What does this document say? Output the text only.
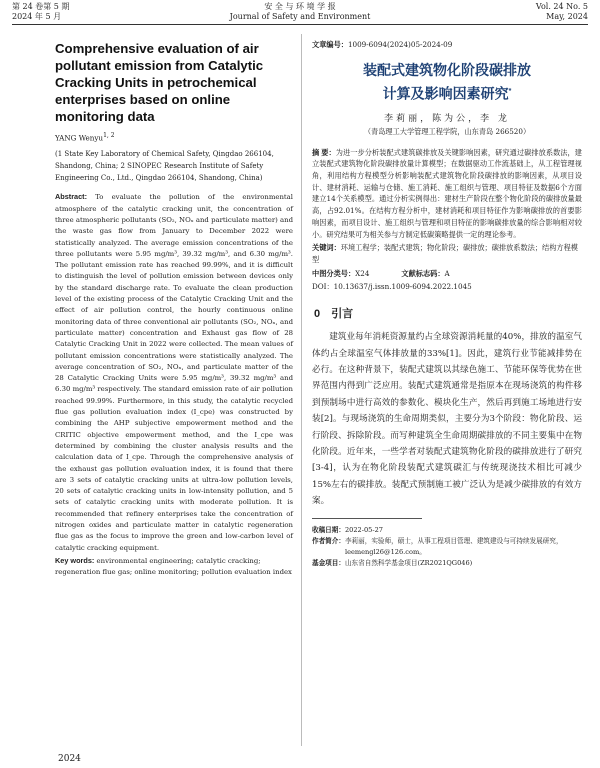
第 24 卷第 5 期
2024 年 5 月
安 全 与 环 境 学 报
Journal of Safety and Environment
Vol. 24 No. 5
May, 2024
Comprehensive evaluation of air pollutant emission from Catalytic Cracking Units in petrochemical enterprises based on online monitoring data
YANG Wenyu$^{1, 2}$
(1 State Key Laboratory of Chemical Safety, Qingdao 266104, Shandong, China; 2 SINOPEC Research Institute of Safety Engineering Co., Ltd., Qingdao 266104, Shandong, China)
Abstract: To evaluate the pollution of the environmental atmosphere of the catalytic cracking unit, the concentration of three atmospheric pollutants (SO₂, NOₓ and particulate matter) and the waste gas flow from January to December 2022 were statistically analyzed. The average emission concentrations of the three pollutants were 5.95 mg/m³, 39.32 mg/m³, and 6.30 mg/m³. The pollutant emission rate has reached 99.99%, and it is difficult to distinguish the level of pollution emission between devices only by the standard discharge rate. To evaluate the clean production level of the existing process of the Catalytic Cracking Unit and the effect of air pollution control, the hourly continuous online monitoring data of three conventional air pollutants (SO₂, NOₓ, and particulate matter) concentration and Exhaust gas flow of 28 Catalytic Cracking Unit in 2022 were collected. The mean values of pollutant emission concentrations were statistically analyzed. The average concentration of SO₂, NOₓ, and particulate matter of the 28 Catalytic Cracking Units were 5.95 mg/m³, 39.32 mg/m³ and 6.30 mg/m³ respectively. The standard emission rate of air pollution reached 99.99%. Furthermore, in this study, the catalytic recycled flue gas pollution evaluation index (I_cpe) was constructed by combining the AHP subjective empowerment method and the CRITIC objective empowerment method, and the I_cpe was determined by combining the cluster analysis results and the calculation data of I_cpe. Through the comprehensive analysis of the exhaust gas pollution evaluation index, it is found that there are 3 sets of catalytic cracking units at ultra-low pollution levels, 20 sets of catalytic cracking units in low-intensity pollution, and 5 sets of catalytic cracking units with moderate pollution. It is recommended that refinery enterprises take the concentration of nitrogen oxides and particulate matter in catalytic regeneration flue gas as the focus to improve the green and low-carbon level of catalytic cracking equipment.
Key words: environmental engineering; catalytic cracking; regeneration flue gas; online monitoring; pollution evaluation index
2024
文章编号：1009-6094(2024)05-2024-09
装配式建筑物化阶段碳排放
计算及影响因素研究*
李莉丽，陈为公，李 龙
（青岛理工大学管理工程学院，山东青岛 266520）
摘 要：为进一步分析装配式建筑碳排放及关键影响因素，研究通过碳排放系数法，建立装配式建筑物化阶段碳排放量计算模型；在数据驱动工作流基础上，从工程管理视角，利用结构方程模型分析影响装配式建筑物化阶段碳排放的影响因素，从项目设计、建材消耗、运输与仓储、施工消耗、施工组织与管理、项目特征及数据6个方面建立14个关系模型。通过分析实例得出：建材生产阶段在整个物化阶段的碳排放量最高，占92.01%。在结构方程分析中，建材消耗和项目特征作为影响碳排放的首要影响因素，而项目设计、施工组织与管理和项目特征的影响碳排放量的综合影响相对较小。研究结果可为相关参与方制定低碳策略提供一定的理论参考。
关键词：环境工程学；装配式建筑；物化阶段；碳排放；碳排放系数法；结构方程模型
中图分类号：X24	文献标志码：A
DOI：10.13637/j.issn.1009-6094.2022.1045
0 引言

建筑业每年消耗资源量约占全球资源消耗量的40%，排放的温室气体约占全球温室气体排放量的33%[1]。因此，建筑行业节能减排势在必行。在这种背景下，装配式建筑以其绿色施工、节能环保等优势在世界范围内得到广泛应用。装配式建筑通常是指原本在现场浇筑的构件移到预制场中进行高效的参数化、模块化生产，然后再到施工场地进行安装[2]。与现场浇筑的生命周期类似，主要分为3个阶段：物化阶段、运行阶段、拆除阶段。而写种建筑全生命周期碳排放的不同主要集中在物化阶段。近年来，一些学者对装配式建筑物化阶段的碳排放进行了研究[3-4]，认为在物化阶段装配式建筑碳汇与传统现浇技术相比可减少15%左右的碳排放。装配式预制施工被广泛认为是减少碳排放的有效方案。

收稿日期： 2022-05-27
作者简介： 李莉丽，实验师，硕士，从事工程项目管理、建筑建设与可持续发展研究，leemengl26@126.com。
基金项目： 山东省自然科学基金项目(ZR2021QG046)
